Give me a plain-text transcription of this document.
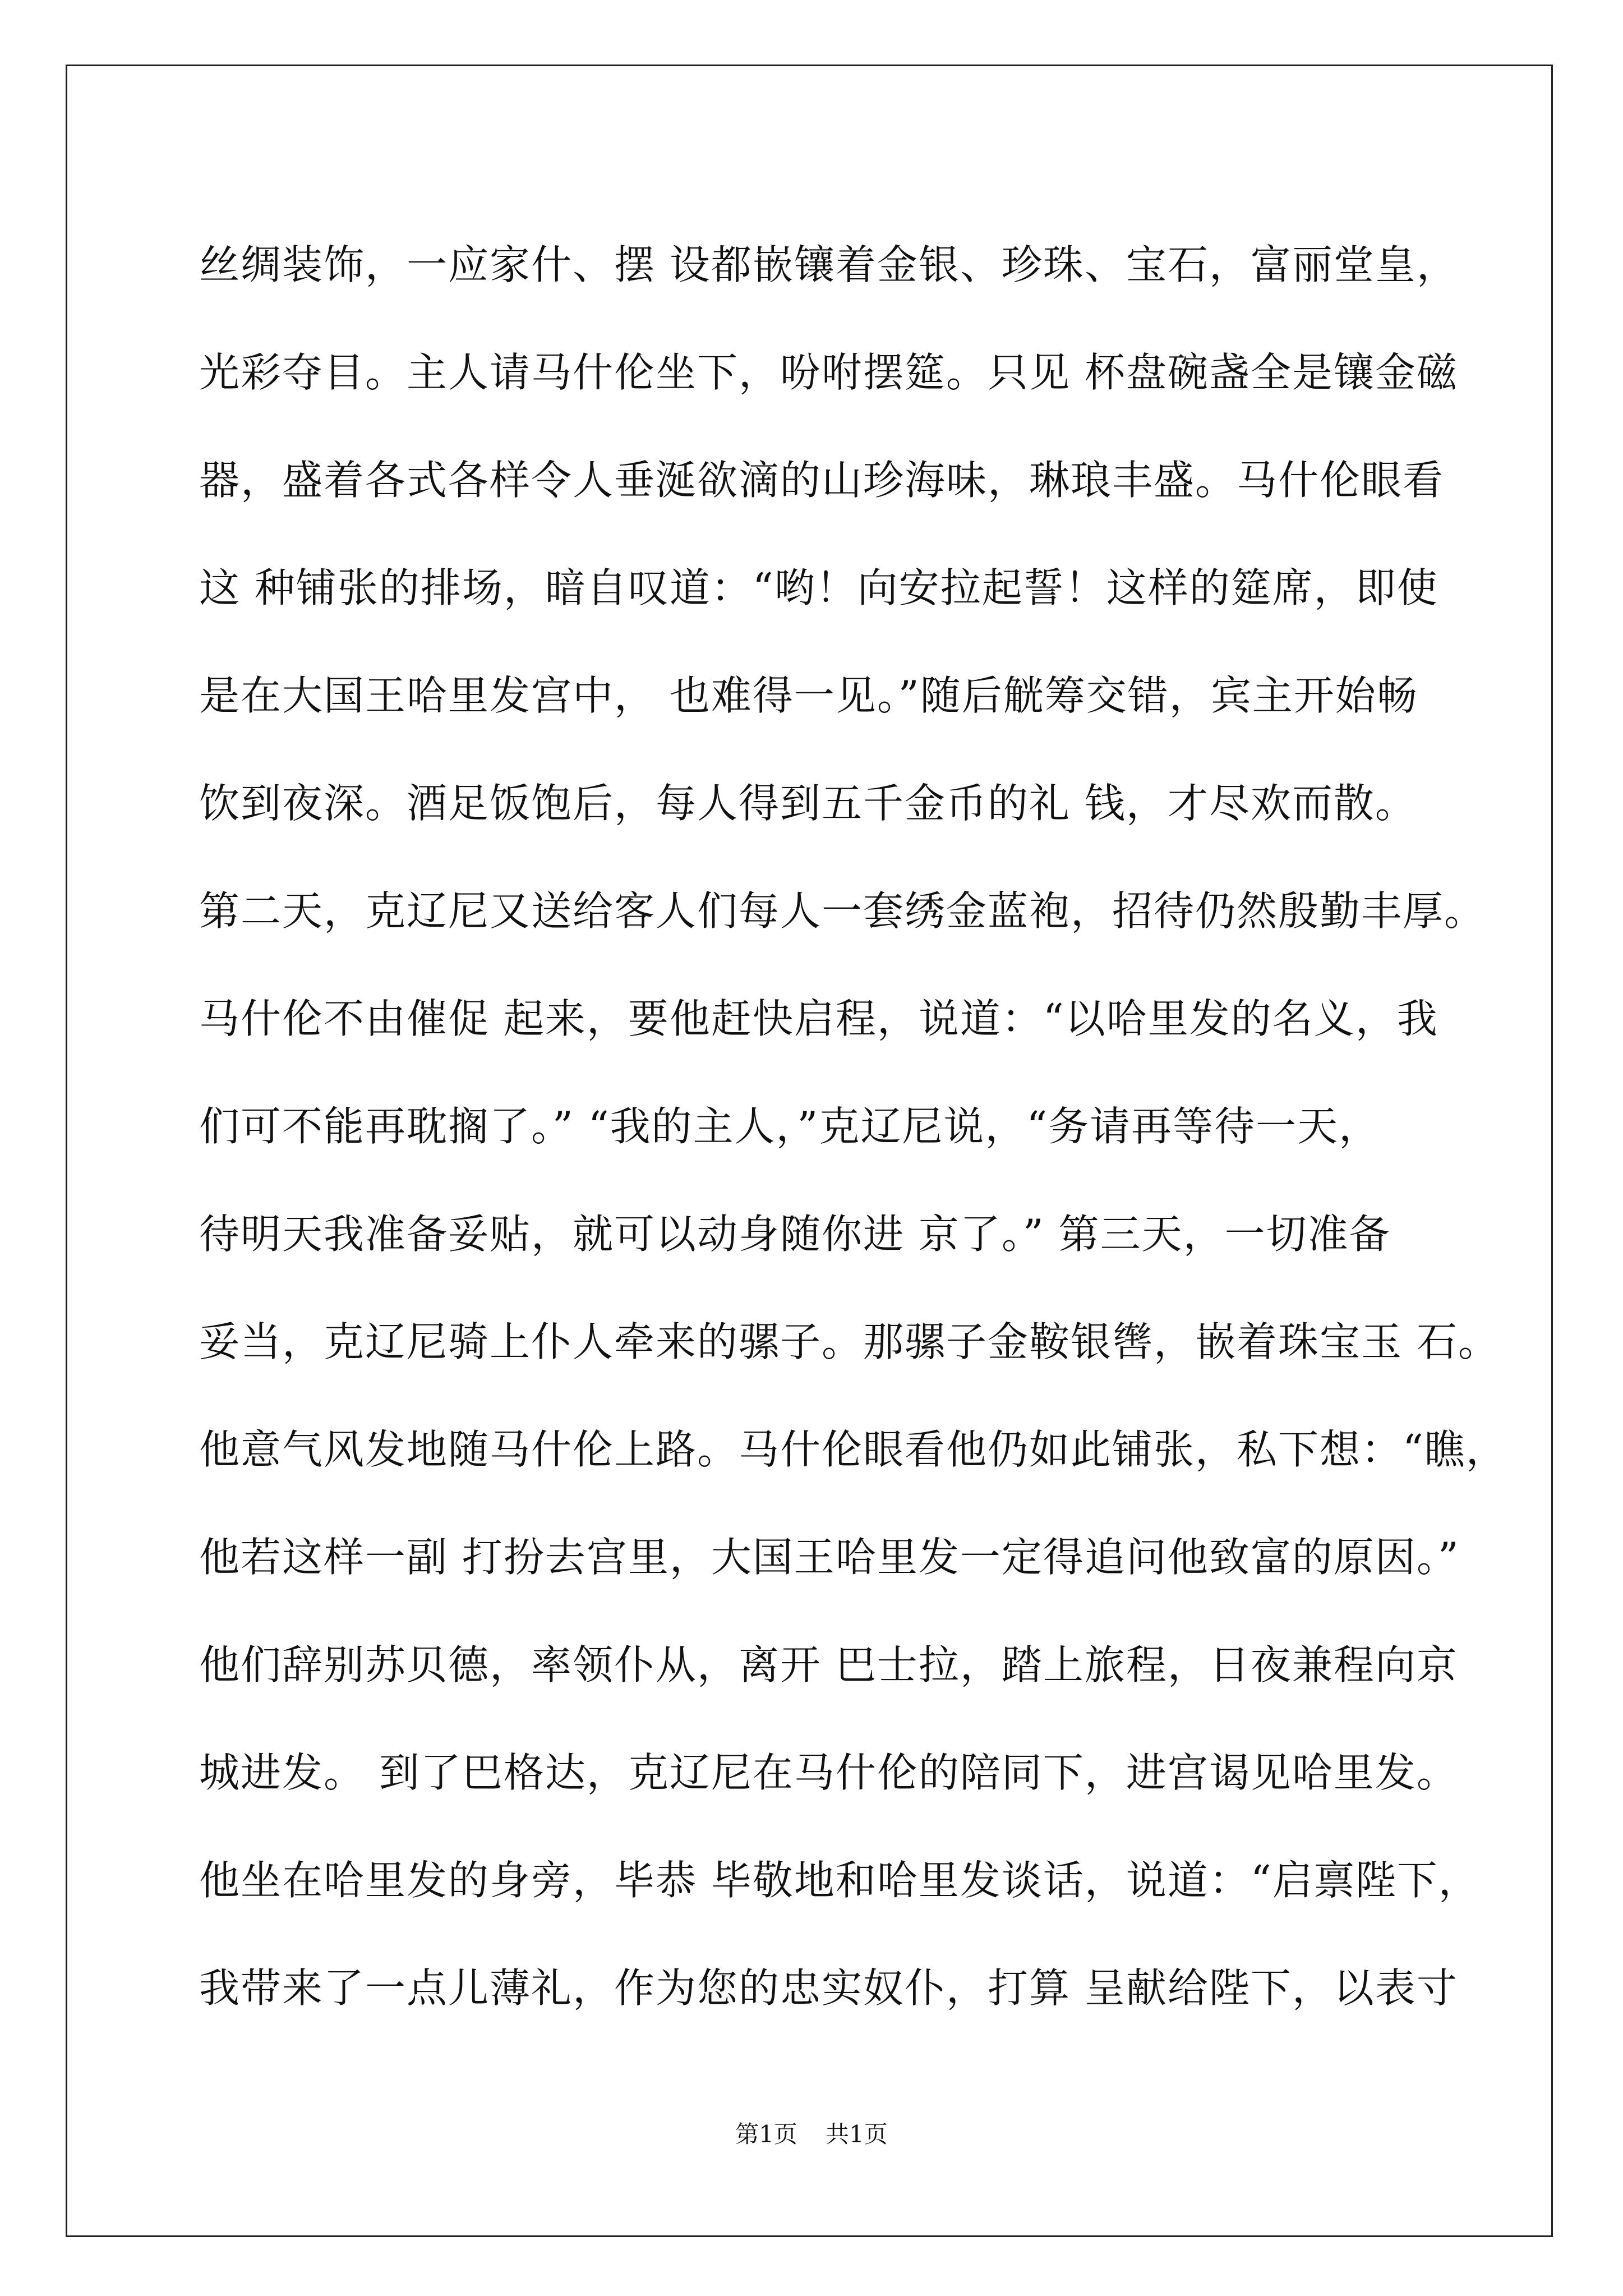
丝绸装饰，一应家什、摆 设都嵌镶着金银、珍珠、宝石，富丽堂皇，
光彩夺目。主人请马什伦坐下，吩咐摆筵。只见 杯盘碗盏全是镶金磁
器，盛着各式各样令人垂涎欲滴的山珍海味，琳琅丰盛。马什伦眼看
这 种铺张的排场，暗自叹道：“哟！向安拉起誓！这样的筵席，即使
是在大国王哈里发宫中， 也难得一见。”随后觥筹交错，宾主开始畅
饮到夜深。酒足饭饱后，每人得到五千金币的礼 钱，才尽欢而散。
第二天，克辽尼又送给客人们每人一套绣金蓝袍，招待仍然殷勤丰厚。
马什伦不由催促 起来，要他赶快启程，说道：“以哈里发的名义，我
们可不能再耽搁了。” “我的主人，”克辽尼说，“务请再等待一天，
待明天我准备妥贴，就可以动身随你进 京了。” 第三天，一切准备
妥当，克辽尼骑上仆人牵来的骡子。那骡子金鞍银辔，嵌着珠宝玉 石。
他意气风发地随马什伦上路。马什伦眼看他仍如此铺张，私下想：“瞧，
他若这样一副 打扮去宫里，大国王哈里发一定得追问他致富的原因。”
他们辞别苏贝德，率领仆从，离开 巴士拉，踏上旅程，日夜兼程向京
城进发。 到了巴格达，克辽尼在马什伦的陪同下，进宫谒见哈里发。
他坐在哈里发的身旁，毕恭 毕敬地和哈里发谈话，说道：“启禀陛下，
我带来了一点儿薄礼，作为您的忠实奴仆，打算 呈献给陛下，以表寸
第1页 共1页
